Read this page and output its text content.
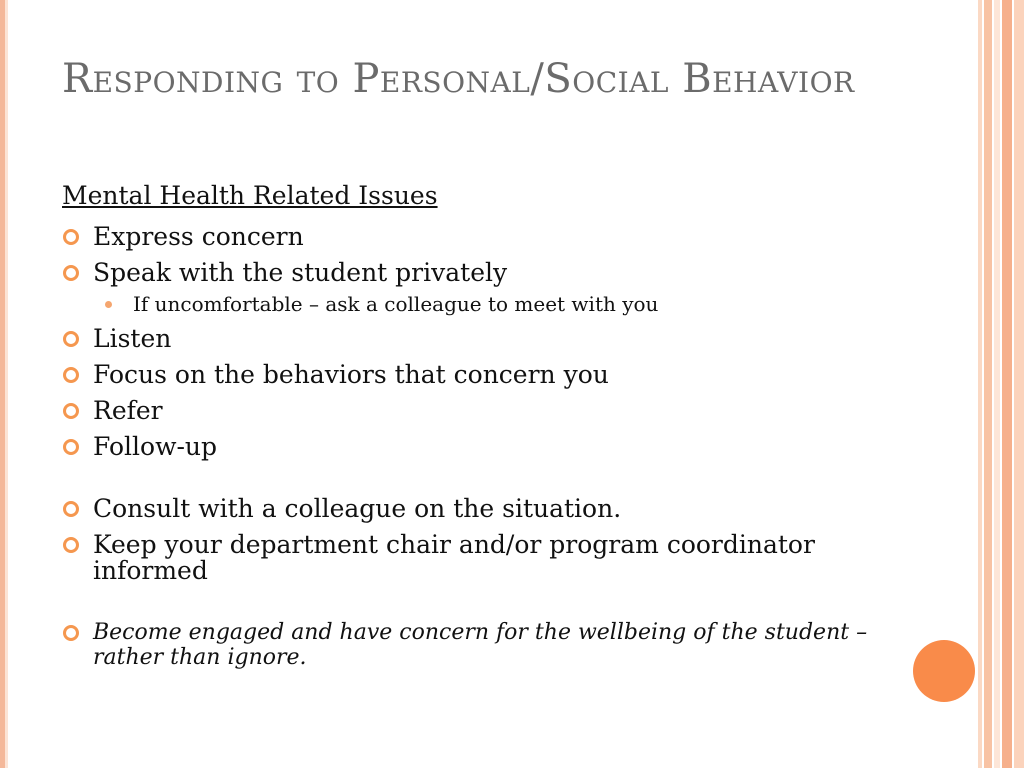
Responding to Personal/Social Behavior
Mental Health Related Issues
Express concern
Speak with the student privately
If uncomfortable – ask a colleague to meet with you
Listen
Focus on the behaviors that concern you
Refer
Follow-up
Consult with a colleague on the situation.
Keep your department chair and/or program coordinator informed
Become engaged and have concern for the wellbeing of the student – rather than ignore.
